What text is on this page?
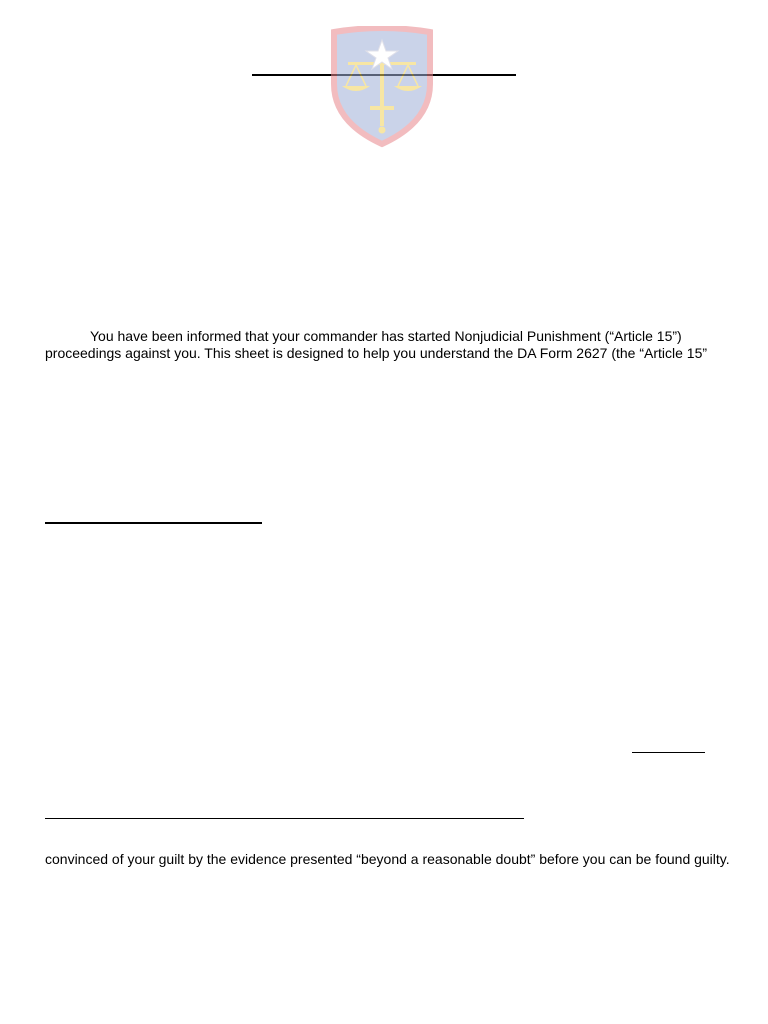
You have been informed that your commander has started Nonjudicial Punishment (“Article 15”)
proceedings against you. This sheet is designed to help you understand the DA Form 2627 (the “Article 15”
convinced of your guilt by the evidence presented “beyond a reasonable doubt” before you can be found guilty.
